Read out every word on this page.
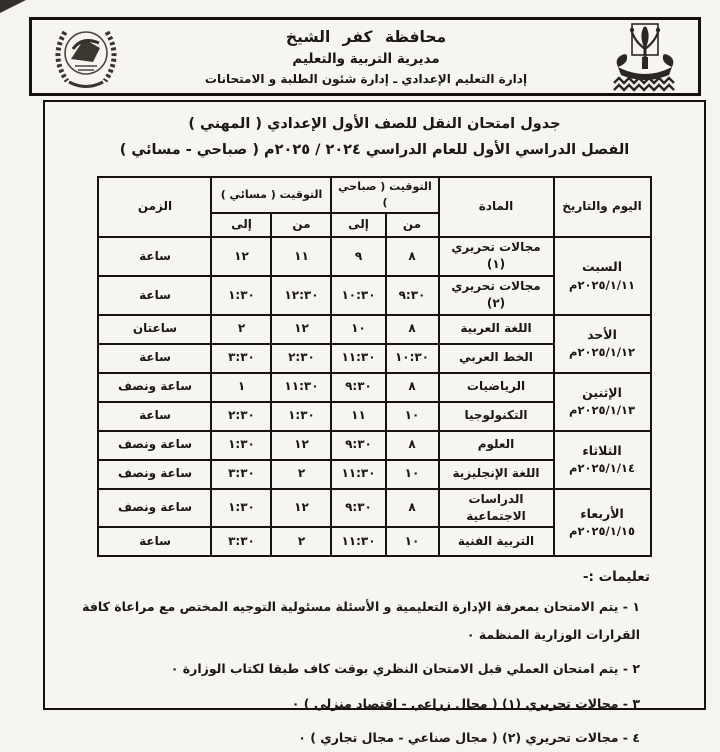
محافظة كفر الشيخ
مديرية التربية والتعليم
إدارة التعليم الإعدادي ـ إدارة شئون الطلبة و الامتحانات
جدول امتحان النقل للصف الأول الإعدادي ( المهني )
الفصل الدراسي الأول للعام الدراسي ٢٠٢٤ / ٢٠٢٥م ( صباحي - مسائي )
اليوم والتاريخ	المادة	التوقيت ( صباحي )		التوقيت ( مسائي )		الزمن
		من	إلى	من	إلى	

السبت
٢٠٢٥/١/١١م	مجالات تحريري (١)	٨	٩	١١	١٢	ساعة
	مجالات تحريري (٢)	٩:٣٠	١٠:٣٠	١٢:٣٠	١:٣٠	ساعة

الأحد
٢٠٢٥/١/١٢م	اللغة العربية	٨	١٠	١٢	٢	ساعتان
	الخط العربي	١٠:٣٠	١١:٣٠	٢:٣٠	٣:٣٠	ساعة

الإثنين
٢٠٢٥/١/١٣م	الرياضيات	٨	٩:٣٠	١١:٣٠	١	ساعة ونصف
	التكنولوجيا	١٠	١١	١:٣٠	٢:٣٠	ساعة

الثلاثاء
٢٠٢٥/١/١٤م	العلوم	٨	٩:٣٠	١٢	١:٣٠	ساعة ونصف
	اللغة الإنجليزية	١٠	١١:٣٠	٢	٣:٣٠	ساعة ونصف

الأربعاء
٢٠٢٥/١/١٥م	الدراسات الاجتماعية	٨	٩:٣٠	١٢	١:٣٠	ساعة ونصف
	التربية الفنية	١٠	١١:٣٠	٢	٣:٣٠	ساعة
تعليمات :-
١ - يتم الامتحان بمعرفة الإدارة التعليمية و الأسئلة مسئولية التوجيه المختص مع مراعاة كافة القرارات الوزارية المنظمة ٠
٢ - يتم امتحان العملي قبل الامتحان النظري بوقت كاف طبقا لكتاب الوزارة ٠
٣ - مجالات تحريري (١) ( مجال زراعي - اقتصاد منزلي ) ٠
٤ - مجالات تحريري (٢) ( مجال صناعي - مجال تجاري ) ٠
